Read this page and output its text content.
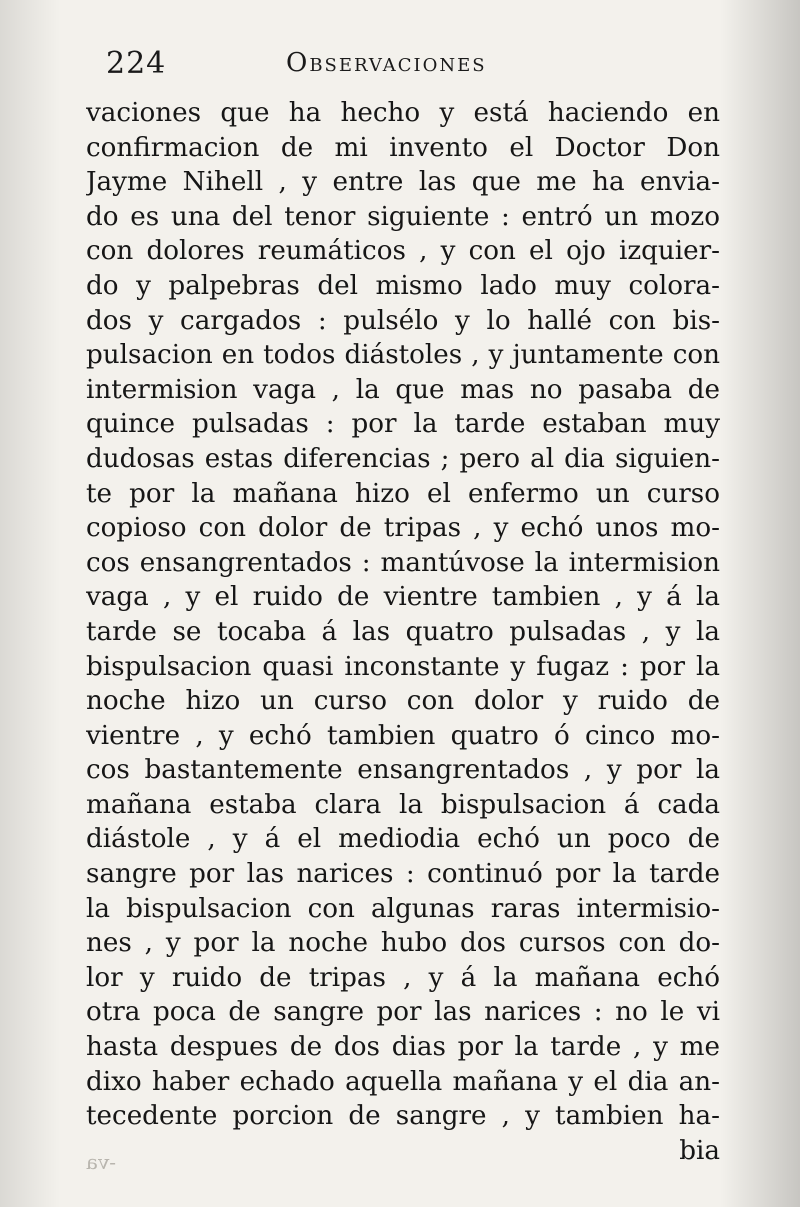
224	Observaciones
vaciones que ha hecho y está haciendo en
confirmacion de mi invento el Doctor Don
Jayme Nihell , y entre las que me ha envia-
do es una del tenor siguiente : entró un mozo
con dolores reumáticos , y con el ojo izquier-
do y palpebras del mismo lado muy colora-
dos y cargados : pulsélo y lo hallé con bis-
pulsacion en todos diástoles , y juntamente con
intermision vaga , la que mas no pasaba de
quince pulsadas : por la tarde estaban muy
dudosas estas diferencias ; pero al dia siguien-
te por la mañana hizo el enfermo un curso
copioso con dolor de tripas , y echó unos mo-
cos ensangrentados : mantúvose la intermision
vaga , y el ruido de vientre tambien , y á la
tarde se tocaba á las quatro pulsadas , y la
bispulsacion quasi inconstante y fugaz : por la
noche hizo un curso con dolor y ruido de
vientre , y echó tambien quatro ó cinco mo-
cos bastantemente ensangrentados , y por la
mañana estaba clara la bispulsacion á cada
diástole , y á el mediodia echó un poco de
sangre por las narices : continuó por la tarde
la bispulsacion con algunas raras intermisio-
nes , y por la noche hubo dos cursos con do-
lor y ruido de tripas , y á la mañana echó
otra poca de sangre por las narices : no le vi
hasta despues de dos dias por la tarde , y me
dixo haber echado aquella mañana y el dia an-
tecedente porcion de sangre , y tambien ha-
bia
-va
